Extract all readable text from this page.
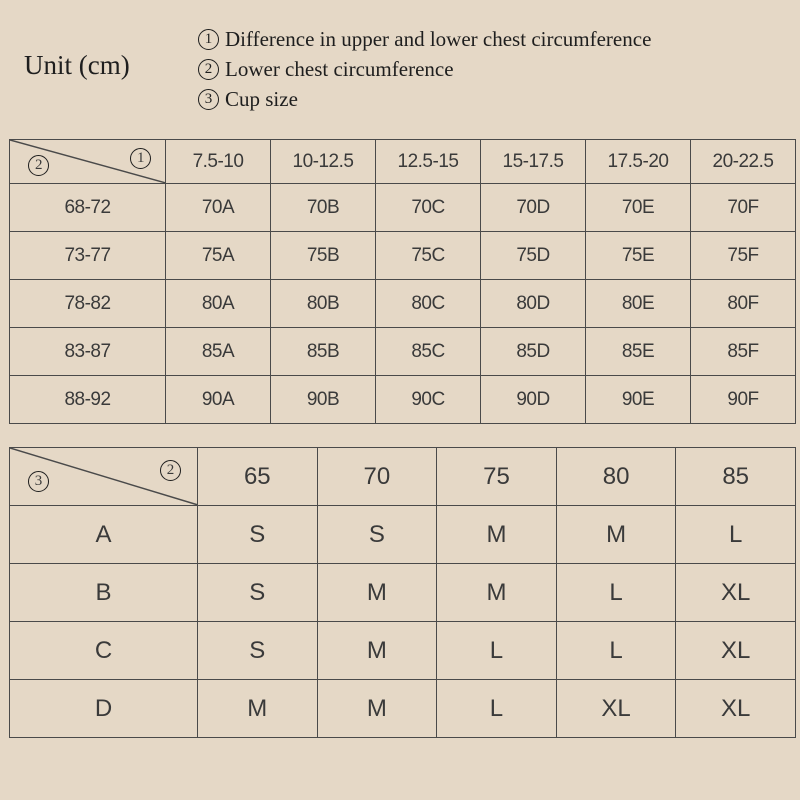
Unit (cm)
1 Difference in upper and lower chest circumference
2 Lower chest circumference
3 Cup size
1
2	7.5-10	10-12.5	12.5-15	15-17.5	17.5-20	20-22.5
68-72	70A	70B	70C	70D	70E	70F
73-77	75A	75B	75C	75D	75E	75F
78-82	80A	80B	80C	80D	80E	80F
83-87	85A	85B	85C	85D	85E	85F
88-92	90A	90B	90C	90D	90E	90F
2
3	65	70	75	80	85
A	S	S	M	M	L
B	S	M	M	L	XL
C	S	M	L	L	XL
D	M	M	L	XL	XL
